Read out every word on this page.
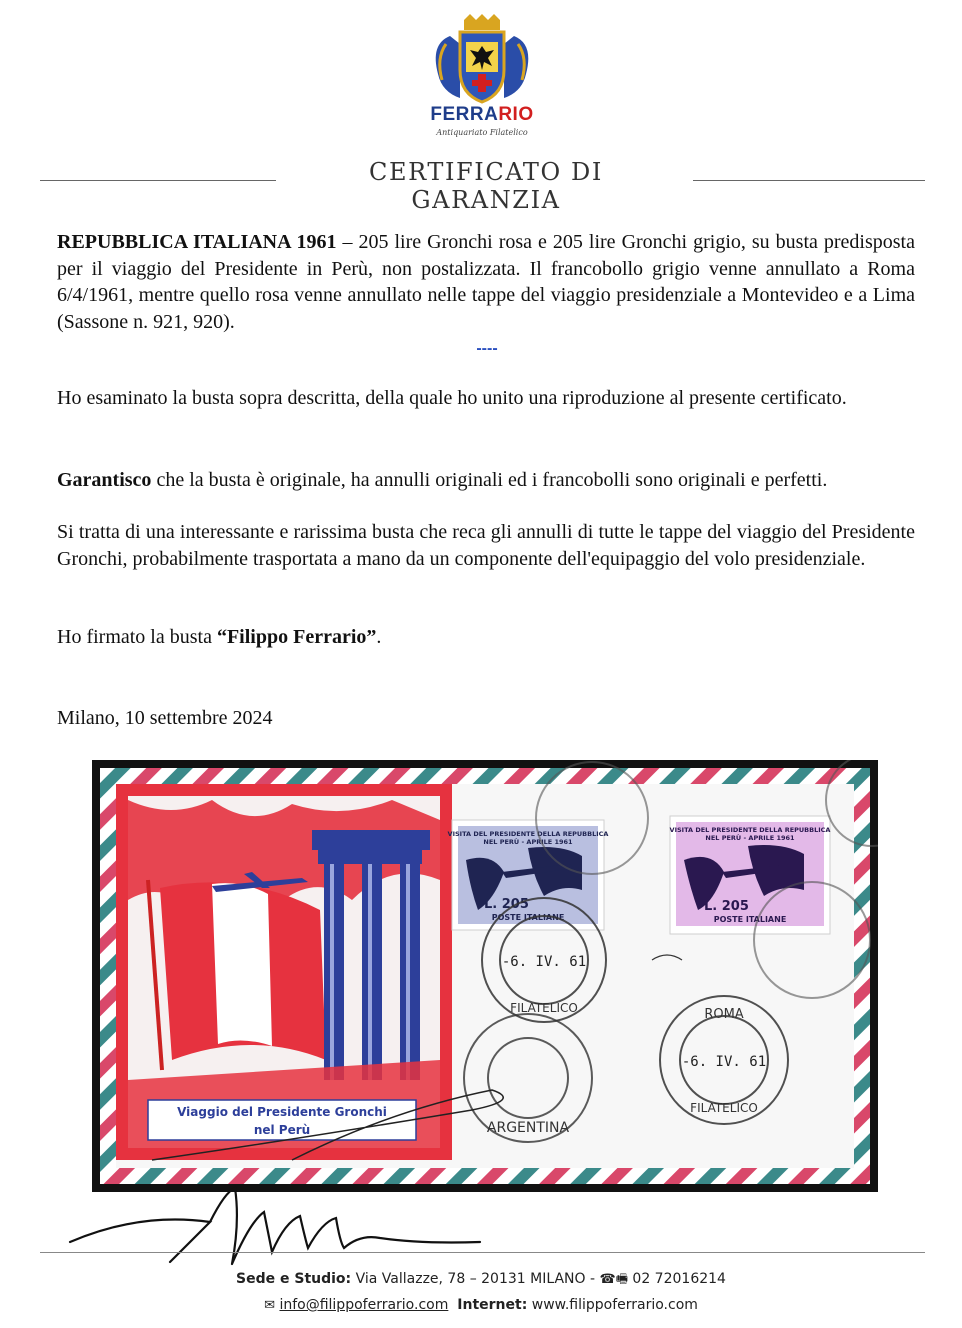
FERRARIO
Antiquariato Filatelico
CERTIFICATO DI GARANZIA
REPUBBLICA ITALIANA 1961 – 205 lire Gronchi rosa e 205 lire Gronchi grigio, su busta predisposta per il viaggio del Presidente in Perù, non postalizzata. Il francobollo grigio venne annullato a Roma 6/4/1961, mentre quello rosa venne annullato nelle tappe del viaggio presidenziale a Montevideo e a Lima (Sassone n. 921, 920).
----
Ho esaminato la busta sopra descritta, della quale ho unito una riproduzione al presente certificato.
Garantisco che la busta è originale, ha annulli originali ed i francobolli sono originali e perfetti.
Si tratta di una interessante e rarissima busta che reca gli annulli di tutte le tappe del viaggio del Presidente Gronchi, probabilmente trasportata a mano da un componente dell'equipaggio del volo presidenziale.
Ho firmato la busta “Filippo Ferrario”.
Milano, 10 settembre 2024
Viaggio del Presidente Gronchi
nel Perù
VISITA DEL PRESIDENTE DELLA REPUBBLICA
NEL PERÙ - APRILE 1961
L. 205
POSTE ITALIANE
VISITA DEL PRESIDENTE DELLA REPUBBLICA
NEL PERÙ - APRILE 1961
L. 205
POSTE ITALIANE
-6. IV. 61
FILATELICO	ROMA
-6. IV. 61
FILATELICO
ARGENTINA
Sede e Studio: Via Vallazze, 78 – 20131 MILANO - ☎🖷 02 72016214
✉ info@filippoferrario.com Internet: www.filippoferrario.com
